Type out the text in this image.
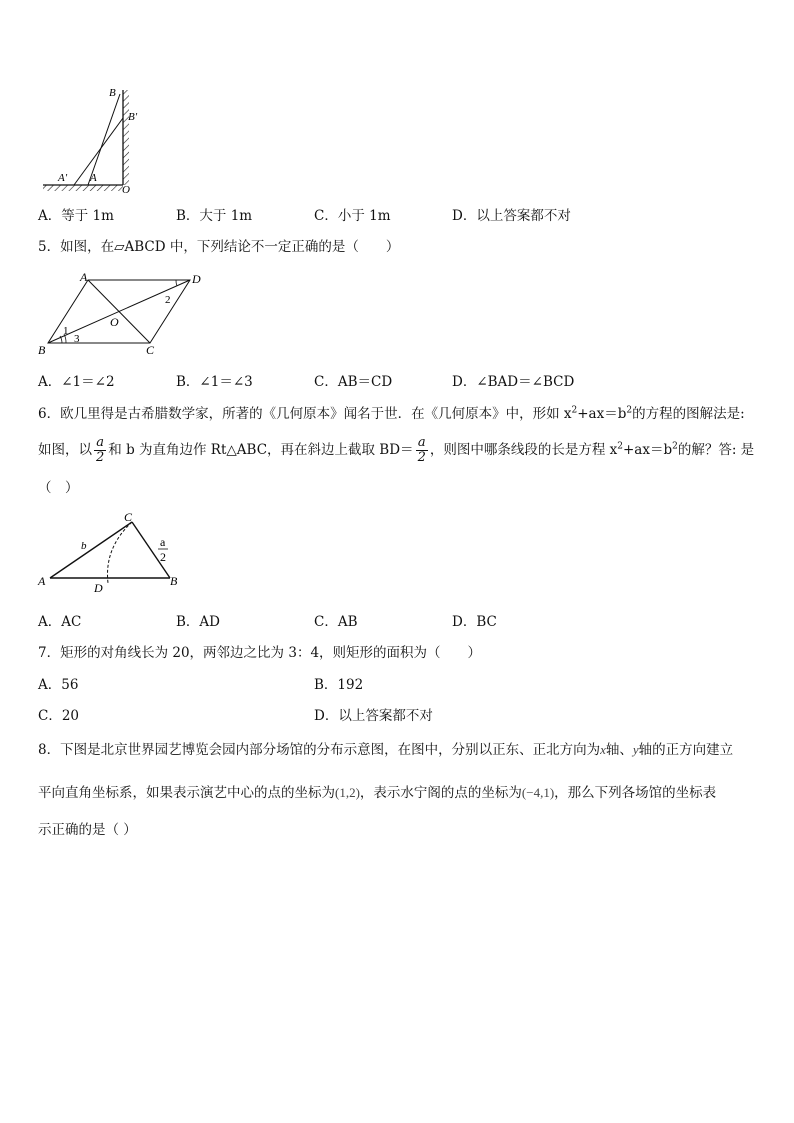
B
B′
A′ A
O
A．等于 1m	B．大于 1m	C．小于 1m	D．以上答案都不对
5．如图，在▱ABCD 中，下列结论不一定正确的是（　　）
A	D
O
2
1
3
B	C
A．∠1＝∠2	B．∠1＝∠3	C．AB＝CD	D．∠BAD＝∠BCD
6．欧几里得是古希腊数学家，所著的《几何原本》闻名于世．在《几何原本》中，形如 $x^2+ax=b^2$的方程的图解法是:
如图，以 $\frac{a}{2}$ 和 b 为直角边作 Rt△ABC，再在斜边上截取 $BD= \frac{a}{2}$ ，则图中哪条线段的长是方程 $x^2+ax=b^2$的解？答: 是
（　）
C
b	a
2
A	D	B
A．AC	B．AD	C．AB	D．BC
7．矩形的对角线长为 20，两邻边之比为 3：4，则矩形的面积为（　　）
A．56	B．192
C．20	D．以上答案都不对
8．下图是北京世界园艺博览会园内部分场馆的分布示意图，在图中，分别以正东、正北方向为x轴、y轴的正方向建立
平向直角坐标系，如果表示演艺中心的点的坐标为(1,2)，表示水宁阁的点的坐标为(−4,1)，那么下列各场馆的坐标表
示正确的是（ ）
